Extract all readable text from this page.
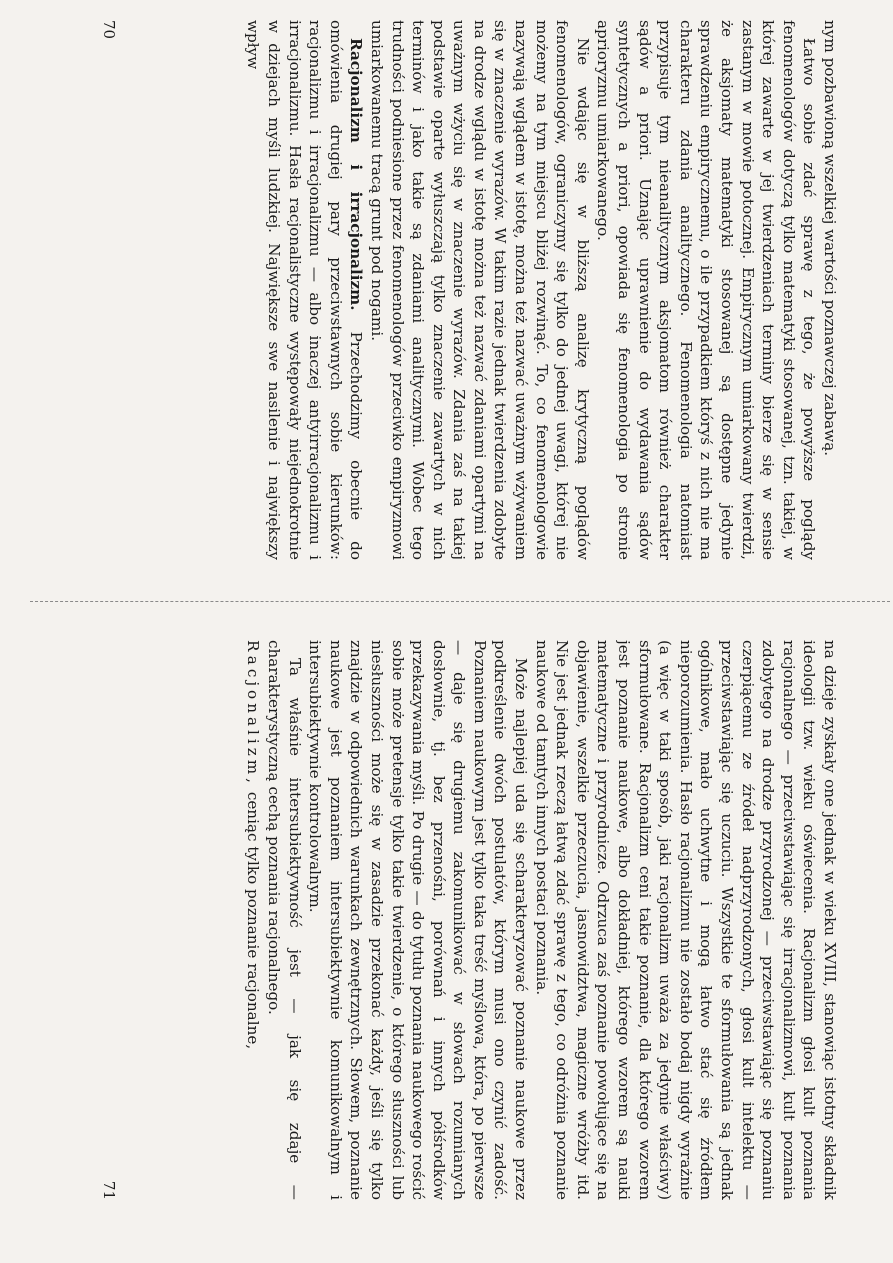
nym pozbawioną wszelkiej wartości poznawczej zabawą.

Łatwo sobie zdać sprawę z tego, że powyższe poglądy fenomenologów dotyczą tylko matematyki stosowanej, tzn. takiej, w której zawarte w jej twierdzeniach terminy bierze się w sensie zastanym w mowie potocznej. Empirycznym umiarkowany twierdzi, że aksjomaty matematyki stosowanej są dostępne jedynie sprawdzeniu empirycznemu, o ile przypadkiem któryś z nich nie ma charakteru zdania analitycznego. Fenomenologia natomiast przypisuje tym nieanalitycznym aksjomatom również charakter sądów a priori. Uznając uprawnienie do wydawania sądów syntetycznych a priori, opowiada się fenomenologia po stronie aprioryzmu umiarkowanego.

Nie wdając się w bliższą analizę krytyczną poglądów fenomenologów, ograniczymy się tylko do jednej uwagi, której nie możemy na tym miejscu bliżej rozwinąć. To, co fenomenologowie nazywają wglądem w istotę, można też nazwać uważnym wżywaniem się w znaczenie wyrazów. W takim razie jednak twierdzenia zdobyte na drodze wglądu w istotę można też nazwać zdaniami opartymi na uważnym wżyciu się w znaczenie wyrazów. Zdania zaś na takiej podstawie oparte wyłuszczają tylko znaczenie zawartych w nich terminów i jako takie są zdaniami analitycznymi. Wobec tego trudności podniesione przez fenomenologów przeciwko empiryzmowi umiarkowanemu tracą grunt pod nogami.

Racjonalizm i irracjonalizm. Przechodzimy obecnie do omówienia drugiej pary przeciwstawnych sobie kierunków: racjonalizmu i irracjonalizmu — albo inaczej antyirracjonalizmu i irracjonalizmu. Hasła racjonalistyczne występowały niejednokrotnie w dziejach myśli ludzkiej. Największe swe nasilenie i największy wpływ

70

na dzieje zyskały one jednak w wieku XVIII, stanowiąc istotny składnik ideologii tzw. wieku oświecenia. Racjonalizm głosi kult poznania racjonalnego — przeciwstawiając się irracjonalizmowi, kult poznania zdobytego na drodze przyrodzonej — przeciwstawiając się poznaniu czerpiącemu ze źródeł nadprzyrodzonych, głosi kult intelektu — przeciwstawiając się uczuciu. Wszystkie te sformułowania są jednak ogólnikowe, mało uchwytne i mogą łatwo stać się źródłem nieporozumienia. Hasło racjonalizmu nie zostało bodaj nigdy wyrażnie (a więc w taki sposób, jaki racjonalizm uważa za jedynie właściwy) sformułowane. Racjonalizm ceni takie poznanie, dla którego wzorem jest poznanie naukowe, albo dokładniej, którego wzorem są nauki matematyczne i przyrodnicze. Odrzuca zaś poznanie powołujące się na objawienie, wszelkie przeczucia, jasnowidztwa, magiczne wróżby itd. Nie jest jednak rzeczą łatwą zdać sprawę z tego, co odróżnia poznanie naukowe od tamtych innych postaci poznania.

Może najlepiej uda się scharakteryzować poznanie naukowe przez podkreślenie dwóch postulatów, którym musi ono czynić zadość. Poznaniem naukowym jest tylko taka treść myślowa, która, po pierwsze — daje się drugiemu zakomunikować w słowach rozumianych dosłownie, tj. bez przenośni, porównań i innych półśrodków przekazywania myśli. Po drugie — do tytułu poznania naukowego rościć sobie może pretensje tylko takie twierdzenie, o którego słuszności lub niesłuszności może się w zasadzie przekonać każdy, jeśli się tylko znajdzie w odpowiednich warunkach zewnętrznych. Słowem, poznanie naukowe jest poznaniem intersubiektywnie komunikowalnym i intersubiektywnie kontrolowalnym.

Ta właśnie intersubiektywność jest — jak się zdaje — charakterystyczną cechą poznania racjonalnego.

Racjonalizm, ceniąc tylko poznanie racjonalne,

71
